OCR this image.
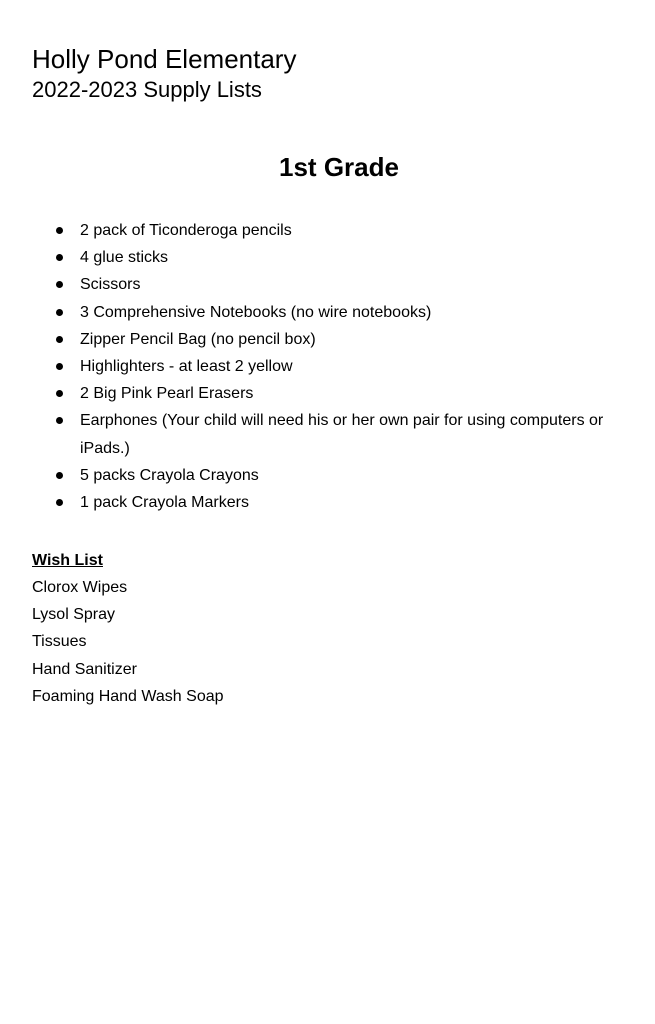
Holly Pond Elementary
2022-2023 Supply Lists
1st Grade
2 pack of Ticonderoga pencils
4 glue sticks
Scissors
3 Comprehensive Notebooks (no wire notebooks)
Zipper Pencil Bag (no pencil box)
Highlighters - at least 2 yellow
2 Big Pink Pearl Erasers
Earphones (Your child will need his or her own pair for using computers or iPads.)
5 packs Crayola Crayons
1 pack Crayola Markers
Wish List
Clorox Wipes
Lysol Spray
Tissues
Hand Sanitizer
Foaming Hand Wash Soap
